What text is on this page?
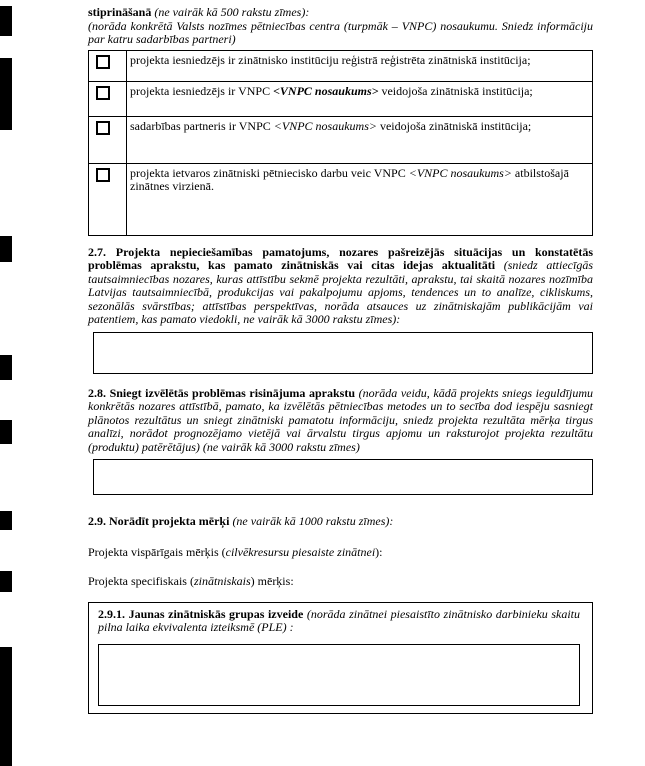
stiprināšanā (ne vairāk kā 500 rakstu zīmes):

(norāda konkrētā Valsts nozīmes pētniecības centra (turpmāk – VNPC) nosaukumu. Sniedz informāciju par katru sadarbības partneri)

projekta iesniedzējs ir zinātnisko institūciju reģistrā reģistrēta zinātniskā institūcija;
projekta iesniedzējs ir VNPC <VNPC nosaukums> veidojoša zinātniskā institūcija;
sadarbības partneris ir VNPC <VNPC nosaukums> veidojoša zinātniskā institūcija;
projekta ietvaros zinātniski pētniecisko darbu veic VNPC <VNPC nosaukums> atbilstošajā zinātnes virzienā.

2.7. Projekta nepieciešamības pamatojums, nozares pašreizējās situācijas un konstatētās problēmas aprakstu, kas pamato zinātniskās vai citas idejas aktualitāti (sniedz attiecīgās tautsaimniecības nozares, kuras attīstību sekmē projekta rezultāti, aprakstu, tai skaitā nozares nozīmība Latvijas tautsaimniecībā, produkcijas vai pakalpojumu apjoms, tendences un to analīze, cikliskums, sezonālās svārstības; attīstības perspektīvas, norāda atsauces uz zinātniskajām publikācijām vai patentiem, kas pamato viedokli, ne vairāk kā 3000 rakstu zīmes):

2.8. Sniegt izvēlētās problēmas risinājuma aprakstu (norāda veidu, kādā projekts sniegs ieguldījumu konkrētās nozares attīstībā, pamato, ka izvēlētās pētniecības metodes un to secība dod iespēju sasniegt plānotos rezultātus un sniegt zinātniski pamatotu informāciju, sniedz projekta rezultāta mērķa tirgus analīzi, norādot prognozējamo vietējā vai ārvalstu tirgus apjomu un raksturojot projekta rezultātu (produktu) patērētājus) (ne vairāk kā 3000 rakstu zīmes)

2.9. Norādīt projekta mērķi (ne vairāk kā 1000 rakstu zīmes):

Projekta vispārīgais mērķis (cilvēkresursu piesaiste zinātnei):

Projekta specifiskais (zinātniskais) mērķis:

2.9.1. Jaunas zinātniskās grupas izveide (norāda zinātnei piesaistīto zinātnisko darbinieku skaitu pilna laika ekvivalenta izteiksmē (PLE) :
